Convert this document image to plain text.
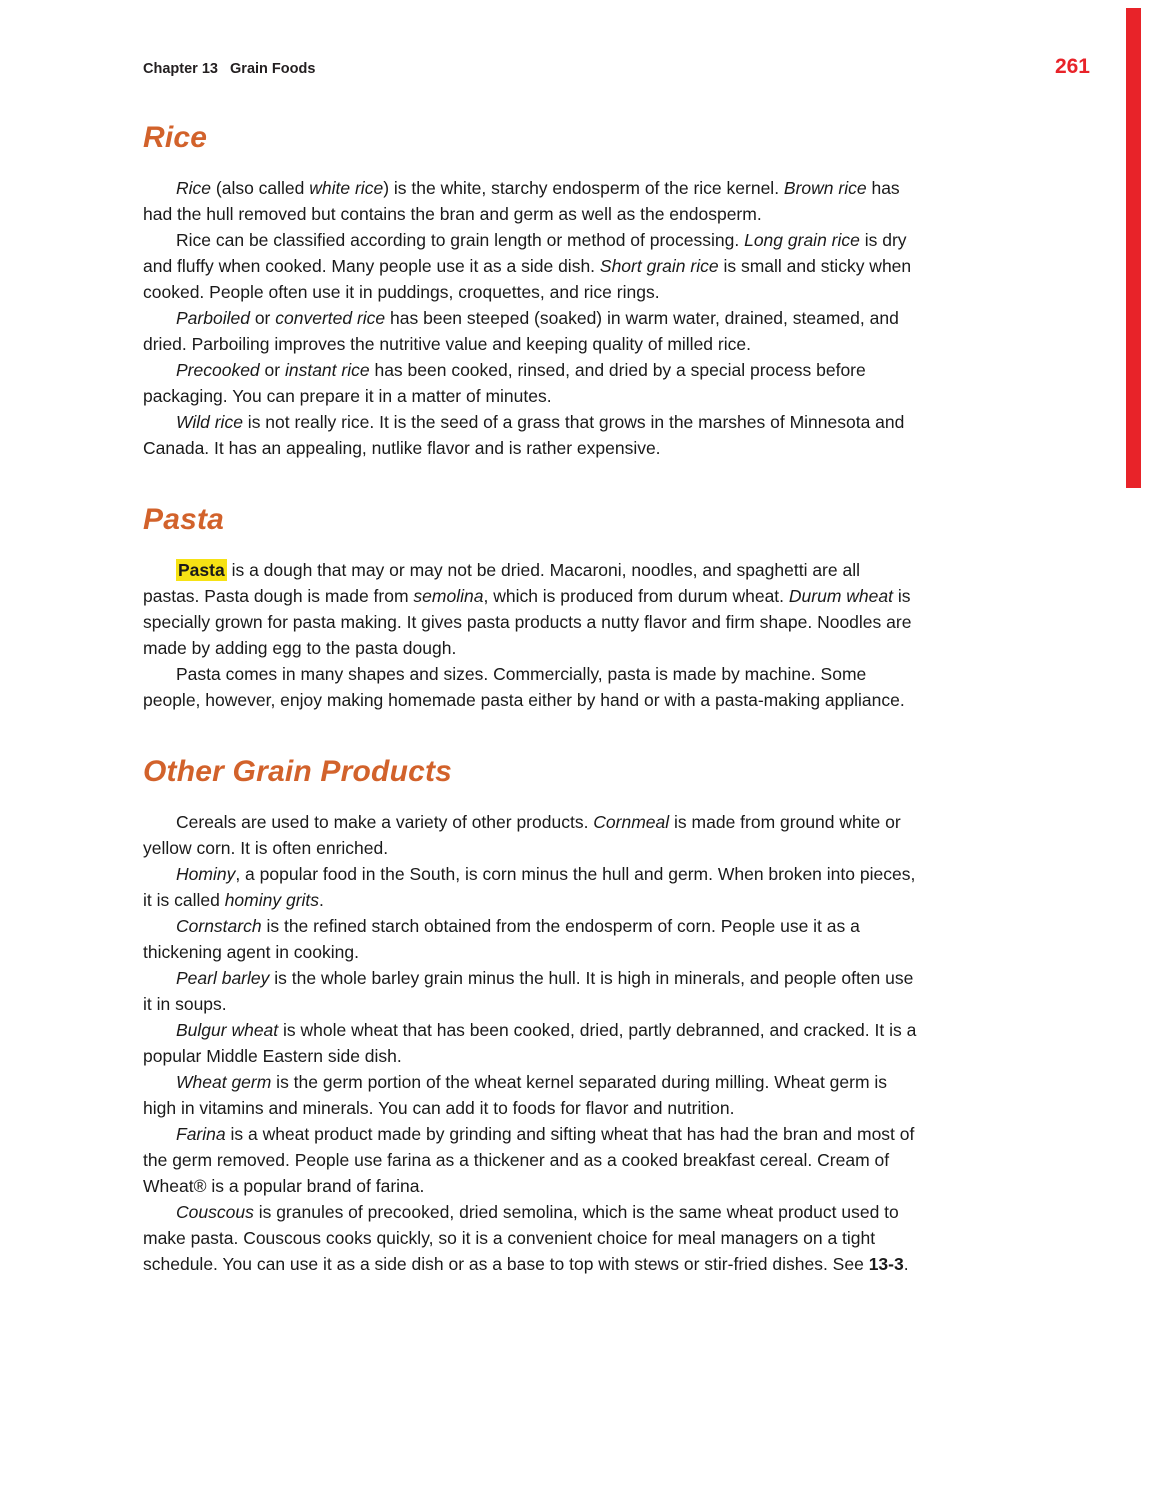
Chapter 13   Grain Foods	261
Rice

Rice (also called white rice) is the white, starchy endosperm of the rice kernel. Brown rice has had the hull removed but contains the bran and germ as well as the endosperm.

Rice can be classified according to grain length or method of processing. Long grain rice is dry and fluffy when cooked. Many people use it as a side dish. Short grain rice is small and sticky when cooked. People often use it in puddings, croquettes, and rice rings.

Parboiled or converted rice has been steeped (soaked) in warm water, drained, steamed, and dried. Parboiling improves the nutritive value and keeping quality of milled rice.

Precooked or instant rice has been cooked, rinsed, and dried by a special process before packaging. You can prepare it in a matter of minutes.

Wild rice is not really rice. It is the seed of a grass that grows in the marshes of Minnesota and Canada. It has an appealing, nutlike flavor and is rather expensive.

Pasta

Pasta is a dough that may or may not be dried. Macaroni, noodles, and spaghetti are all pastas. Pasta dough is made from semolina, which is produced from durum wheat. Durum wheat is specially grown for pasta making. It gives pasta products a nutty flavor and firm shape. Noodles are made by adding egg to the pasta dough.

Pasta comes in many shapes and sizes. Commercially, pasta is made by machine. Some people, however, enjoy making homemade pasta either by hand or with a pasta-making appliance.

Other Grain Products

Cereals are used to make a variety of other products. Cornmeal is made from ground white or yellow corn. It is often enriched.

Hominy, a popular food in the South, is corn minus the hull and germ. When broken into pieces, it is called hominy grits.

Cornstarch is the refined starch obtained from the endosperm of corn. People use it as a thickening agent in cooking.

Pearl barley is the whole barley grain minus the hull. It is high in minerals, and people often use it in soups.

Bulgur wheat is whole wheat that has been cooked, dried, partly debranned, and cracked. It is a popular Middle Eastern side dish.

Wheat germ is the germ portion of the wheat kernel separated during milling. Wheat germ is high in vitamins and minerals. You can add it to foods for flavor and nutrition.

Farina is a wheat product made by grinding and sifting wheat that has had the bran and most of the germ removed. People use farina as a thickener and as a cooked breakfast cereal. Cream of Wheat® is a popular brand of farina.

Couscous is granules of precooked, dried semolina, which is the same wheat product used to make pasta. Couscous cooks quickly, so it is a convenient choice for meal managers on a tight schedule. You can use it as a side dish or as a base to top with stews or stir-fried dishes. See 13-3.
